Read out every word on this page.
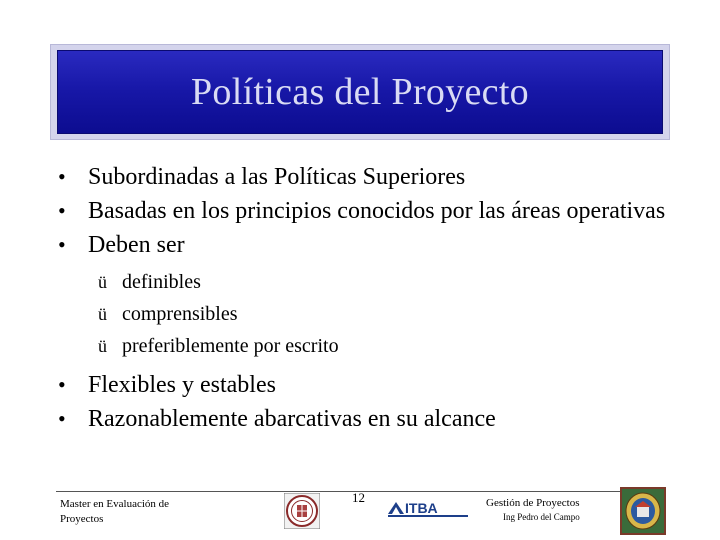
Políticas del Proyecto
• Subordinadas a las Políticas Superiores
• Basadas en los principios conocidos por las áreas operativas
• Deben ser
ü definibles
ü comprensibles
ü preferiblemente por escrito
• Flexibles y estables
• Razonablemente abarcativas en su alcance
Master en Evaluación de
Proyectos
12
ITBA	Gestión de Proyectos
Ing Pedro del Campo
